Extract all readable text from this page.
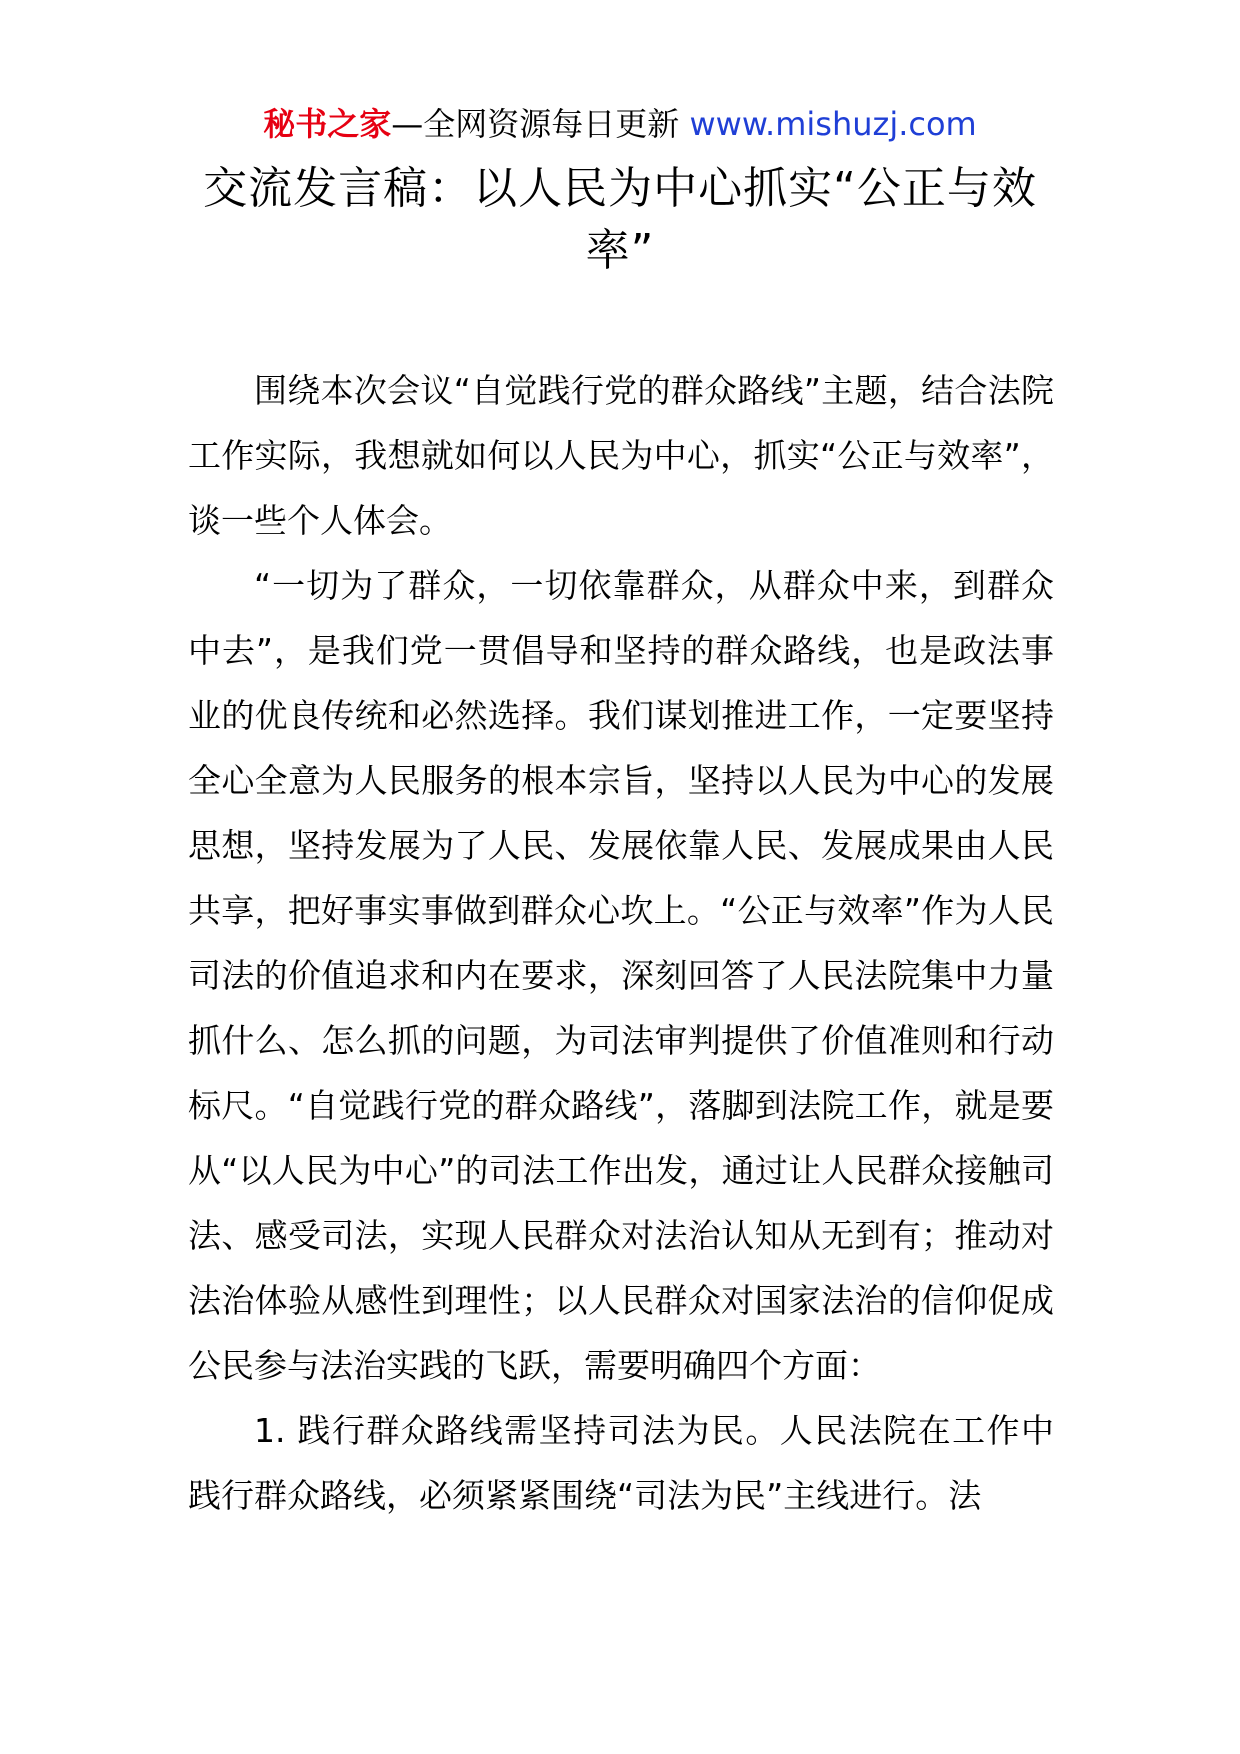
秘书之家—全网资源每日更新 www.mishuzj.com
交流发言稿：以人民为中心抓实“公正与效率”

围绕本次会议“自觉践行党的群众路线”主题，结合法院工作实际，我想就如何以人民为中心，抓实“公正与效率”，谈一些个人体会。

“一切为了群众，一切依靠群众，从群众中来，到群众中去”，是我们党一贯倡导和坚持的群众路线，也是政法事业的优良传统和必然选择。我们谋划推进工作，一定要坚持全心全意为人民服务的根本宗旨，坚持以人民为中心的发展思想，坚持发展为了人民、发展依靠人民、发展成果由人民共享，把好事实事做到群众心坎上。“公正与效率”作为人民司法的价值追求和内在要求，深刻回答了人民法院集中力量抓什么、怎么抓的问题，为司法审判提供了价值准则和行动标尺。“自觉践行党的群众路线”，落脚到法院工作，就是要从“以人民为中心”的司法工作出发，通过让人民群众接触司法、感受司法，实现人民群众对法治认知从无到有；推动对法治体验从感性到理性；以人民群众对国家法治的信仰促成公民参与法治实践的飞跃，需要明确四个方面：

1. 践行群众路线需坚持司法为民。人民法院在工作中践行群众路线，必须紧紧围绕“司法为民”主线进行。法
